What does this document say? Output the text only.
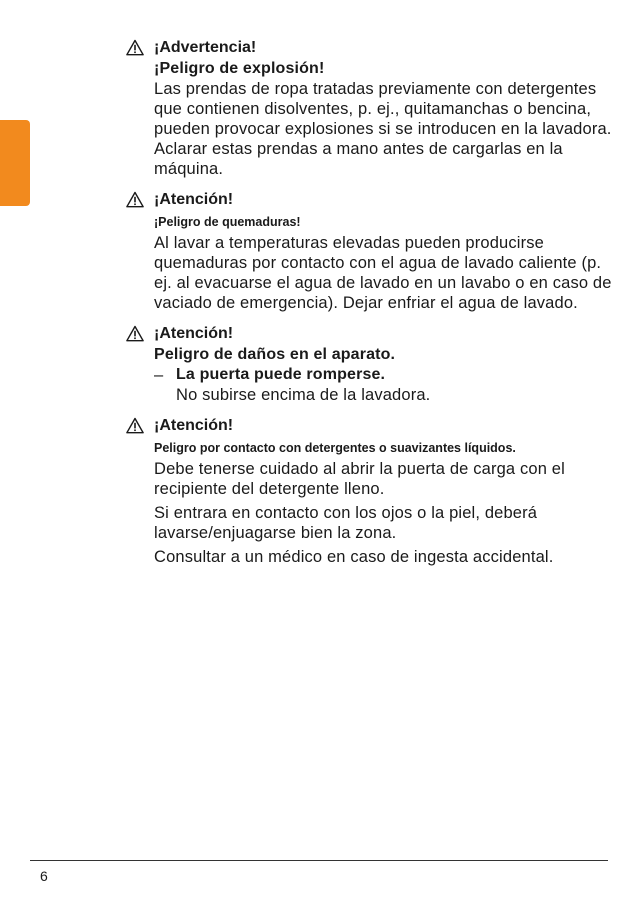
¡Advertencia!
¡Peligro de explosión!

Las prendas de ropa tratadas previamente con detergentes que contienen disolventes, p. ej., quitamanchas o bencina, pueden provocar explosiones si se introducen en la lavadora.

Aclarar estas prendas a mano antes de cargarlas en la máquina.

¡Atención!
¡Peligro de quemaduras!

Al lavar a temperaturas elevadas pueden producirse quemaduras por contacto con el agua de lavado caliente (p. ej. al evacuarse el agua de lavado en un lavabo o en caso de vaciado de emergencia). Dejar enfriar el agua de lavado.

¡Atención!
Peligro de daños en el aparato.
– La puerta puede romperse.
No subirse encima de la lavadora.
¡Atención!
Peligro por contacto con detergentes o suavizantes líquidos.

Debe tenerse cuidado al abrir la puerta de carga con el recipiente del detergente lleno.

Si entrara en contacto con los ojos o la piel, deberá lavarse/enjuagarse bien la zona.

Consultar a un médico en caso de ingesta accidental.

6
